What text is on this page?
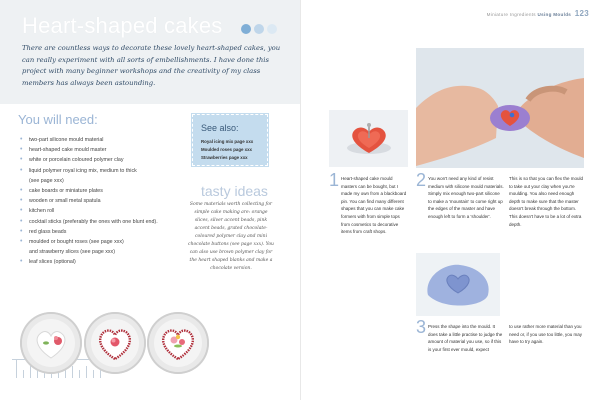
Heart-shaped cakes
There are countless ways to decorate these lovely heart-shaped cakes, you can really experiment with all sorts of embellishments. I have done this project with many beginner workshops and the creativity of my class members has always been astounding.
You will need:
• two-part silicone mould material
• heart-shaped cake mould master
• white or porcelain coloured polymer clay
• liquid polymer royal icing mix, medium to thick
(see page xxx)
• cake boards or miniature plates
• wooden or small metal spatula
• kitchen roll
• cocktail sticks (preferably the ones with one blunt end).
• red glass beads
• moulded or bought roses (see page xxx)
and strawberry slices (see page xxx)
• leaf slices (optional)
See also:
Royal icing mix page xxx
Moulded roses page xxx
Strawberries page xxx
tasty ideas
Some materials worth collecting for simple cake making are: orange slices, silver accent beads, pink accent beads, grated chocolate-coloured polymer clay and mini chocolate buttons (see page xxx). You can also use brown polymer clay for the heart shaped blanks and make a chocolate version.
Miniature Ingredients Using Moulds 123
1 Heart-shaped cake mould masters can be bought, but I made my own from a blackboard pin. You can find many different shapes that you can make cake formers with from simple tops from cosmetics to decorative items from craft shops.
2 You won't need any kind of resist medium with silicone mould materials. Simply mix enough two-part silicone to make a 'mountain' to come right up the edges of the master and have enough left to form a 'shoulder'.
This is so that you can flex the mould to take out your clay when you're moulding. You also need enough depth to make sure that the master doesn't break through the bottom. This doesn't have to be a lot of extra depth.
3 Press the shape into the mould. It does take a little practise to judge the amount of material you use, so if this is your first ever mould, expect
to use rather more material than you need or, if you use too little, you may have to try again.
